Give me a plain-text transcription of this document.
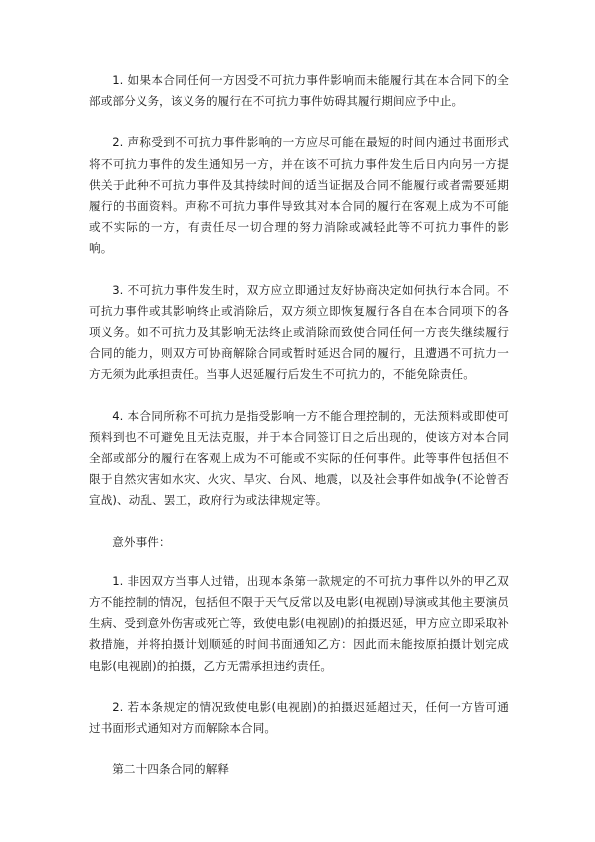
1. 如果本合同任何一方因受不可抗力事件影响而未能履行其在本合同下的全部或部分义务，该义务的履行在不可抗力事件妨碍其履行期间应予中止。

2. 声称受到不可抗力事件影响的一方应尽可能在最短的时间内通过书面形式将不可抗力事件的发生通知另一方，并在该不可抗力事件发生后日内向另一方提供关于此种不可抗力事件及其持续时间的适当证据及合同不能履行或者需要延期履行的书面资料。声称不可抗力事件导致其对本合同的履行在客观上成为不可能或不实际的一方，有责任尽一切合理的努力消除或减轻此等不可抗力事件的影响。

3. 不可抗力事件发生时，双方应立即通过友好协商决定如何执行本合同。不可抗力事件或其影响终止或消除后，双方须立即恢复履行各自在本合同项下的各项义务。如不可抗力及其影响无法终止或消除而致使合同任何一方丧失继续履行合同的能力，则双方可协商解除合同或暂时延迟合同的履行，且遭遇不可抗力一方无须为此承担责任。当事人迟延履行后发生不可抗力的，不能免除责任。

4. 本合同所称不可抗力是指受影响一方不能合理控制的，无法预料或即使可预料到也不可避免且无法克服，并于本合同签订日之后出现的，使该方对本合同全部或部分的履行在客观上成为不可能或不实际的任何事件。此等事件包括但不限于自然灾害如水灾、火灾、旱灾、台风、地震，以及社会事件如战争(不论曾否宣战)、动乱、罢工，政府行为或法律规定等。

意外事件：

1. 非因双方当事人过错，出现本条第一款规定的不可抗力事件以外的甲乙双方不能控制的情况，包括但不限于天气反常以及电影(电视剧)导演或其他主要演员生病、受到意外伤害或死亡等，致使电影(电视剧)的拍摄迟延，甲方应立即采取补救措施，并将拍摄计划顺延的时间书面通知乙方：因此而未能按原拍摄计划完成电影(电视剧)的拍摄，乙方无需承担违约责任。

2. 若本条规定的情况致使电影(电视剧)的拍摄迟延超过天，任何一方皆可通过书面形式通知对方而解除本合同。

第二十四条合同的解释
